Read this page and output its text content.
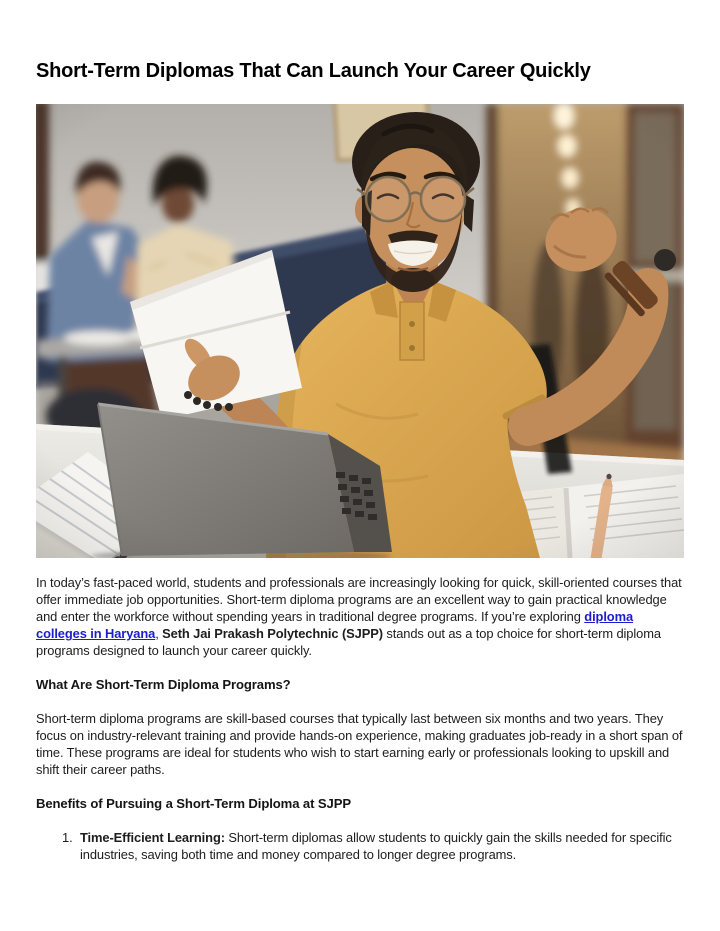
Short-Term Diplomas That Can Launch Your Career Quickly

In today’s fast-paced world, students and professionals are increasingly looking for quick, skill-oriented courses that offer immediate job opportunities. Short-term diploma programs are an excellent way to gain practical knowledge and enter the workforce without spending years in traditional degree programs. If you’re exploring diploma colleges in Haryana, Seth Jai Prakash Polytechnic (SJPP) stands out as a top choice for short-term diploma programs designed to launch your career quickly.

What Are Short-Term Diploma Programs?

Short-term diploma programs are skill-based courses that typically last between six months and two years. They focus on industry-relevant training and provide hands-on experience, making graduates job-ready in a short span of time. These programs are ideal for students who wish to start earning early or professionals looking to upskill and shift their career paths.

Benefits of Pursuing a Short-Term Diploma at SJPP
1. Time-Efficient Learning: Short-term diplomas allow students to quickly gain the skills needed for specific industries, saving both time and money compared to longer degree programs.
